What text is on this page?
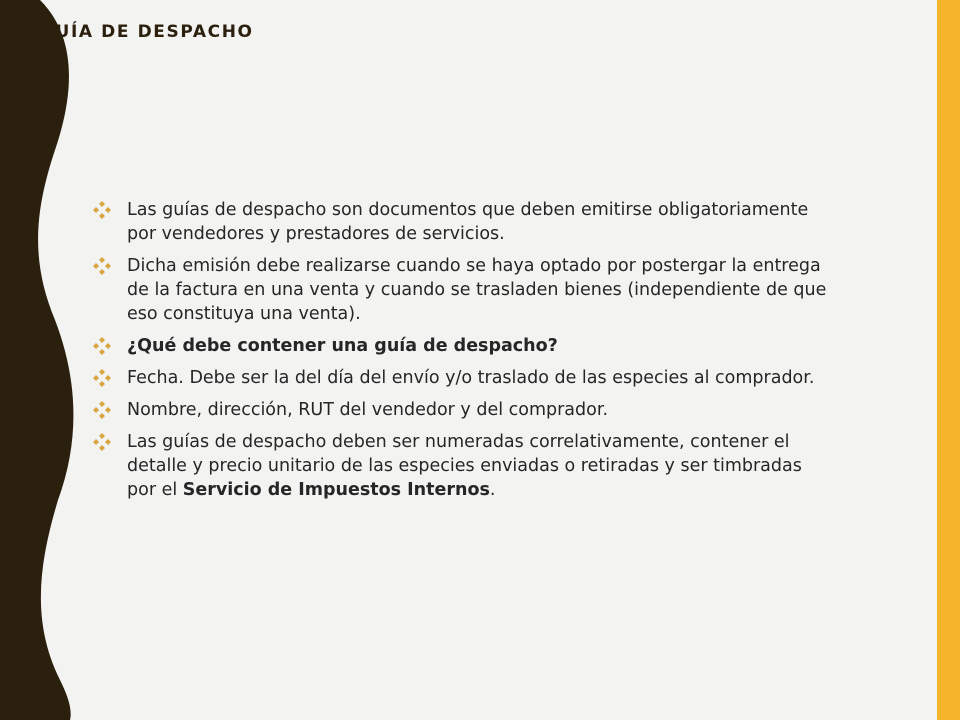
GUÍA DE DESPACHO
Las guías de despacho son documentos que deben emitirse obligatoriamente por vendedores y prestadores de servicios.
Dicha emisión debe realizarse cuando se haya optado por postergar la entrega de la factura en una venta y cuando se trasladen bienes (independiente de que eso constituya una venta).
¿Qué debe contener una guía de despacho?
Fecha. Debe ser la del día del envío y/o traslado de las especies al comprador.
Nombre, dirección, RUT del vendedor y del comprador.
Las guías de despacho deben ser numeradas correlativamente, contener el detalle y precio unitario de las especies enviadas o retiradas y ser timbradas por el Servicio de Impuestos Internos.
